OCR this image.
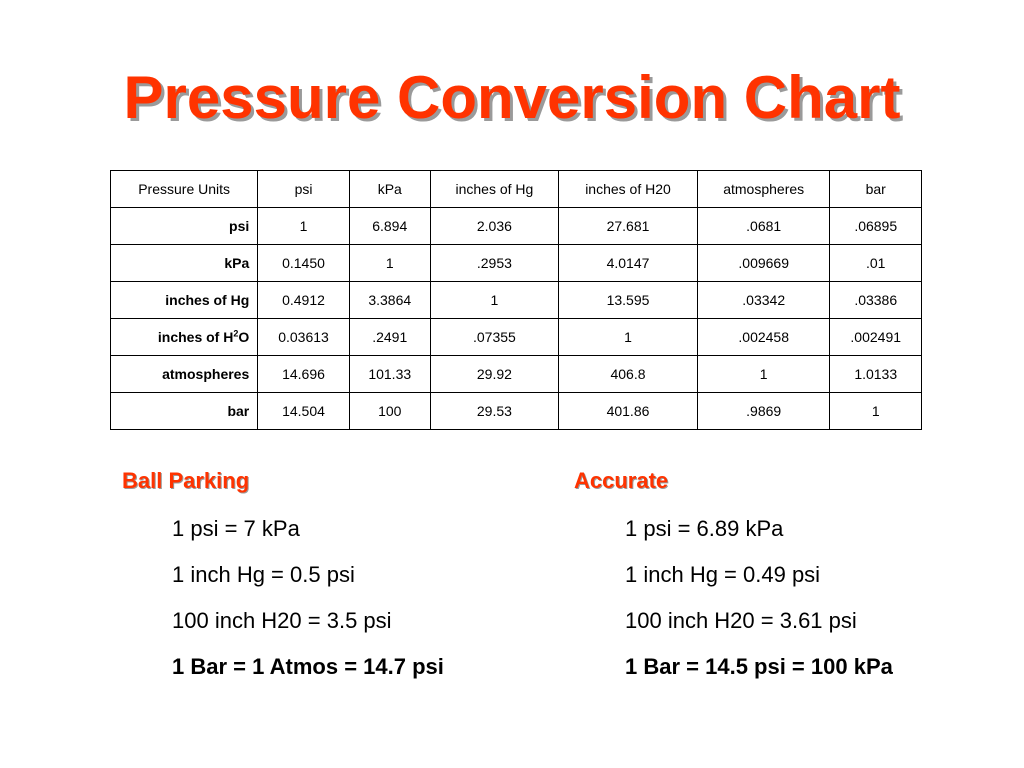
Pressure Conversion Chart
Pressure Units	psi	kPa	inches of Hg	inches of H20	atmospheres	bar
psi	1	6.894	2.036	27.681	.0681	.06895
kPa	0.1450	1	.2953	4.0147	.009669	.01
inches of Hg	0.4912	3.3864	1	13.595	.03342	.03386
inches of $H^2O$	0.03613	.2491	.07355	1	.002458	.002491
atmospheres	14.696	101.33	29.92	406.8	1	1.0133
bar	14.504	100	29.53	401.86	.9869	1
Ball Parking
1 psi = 7 kPa
1 inch Hg = 0.5 psi
100 inch H20 = 3.5 psi
1 Bar = 1 Atmos = 14.7 psi
Accurate
1 psi = 6.89 kPa
1 inch Hg = 0.49 psi
100 inch H20 = 3.61 psi
1 Bar = 14.5 psi = 100 kPa
